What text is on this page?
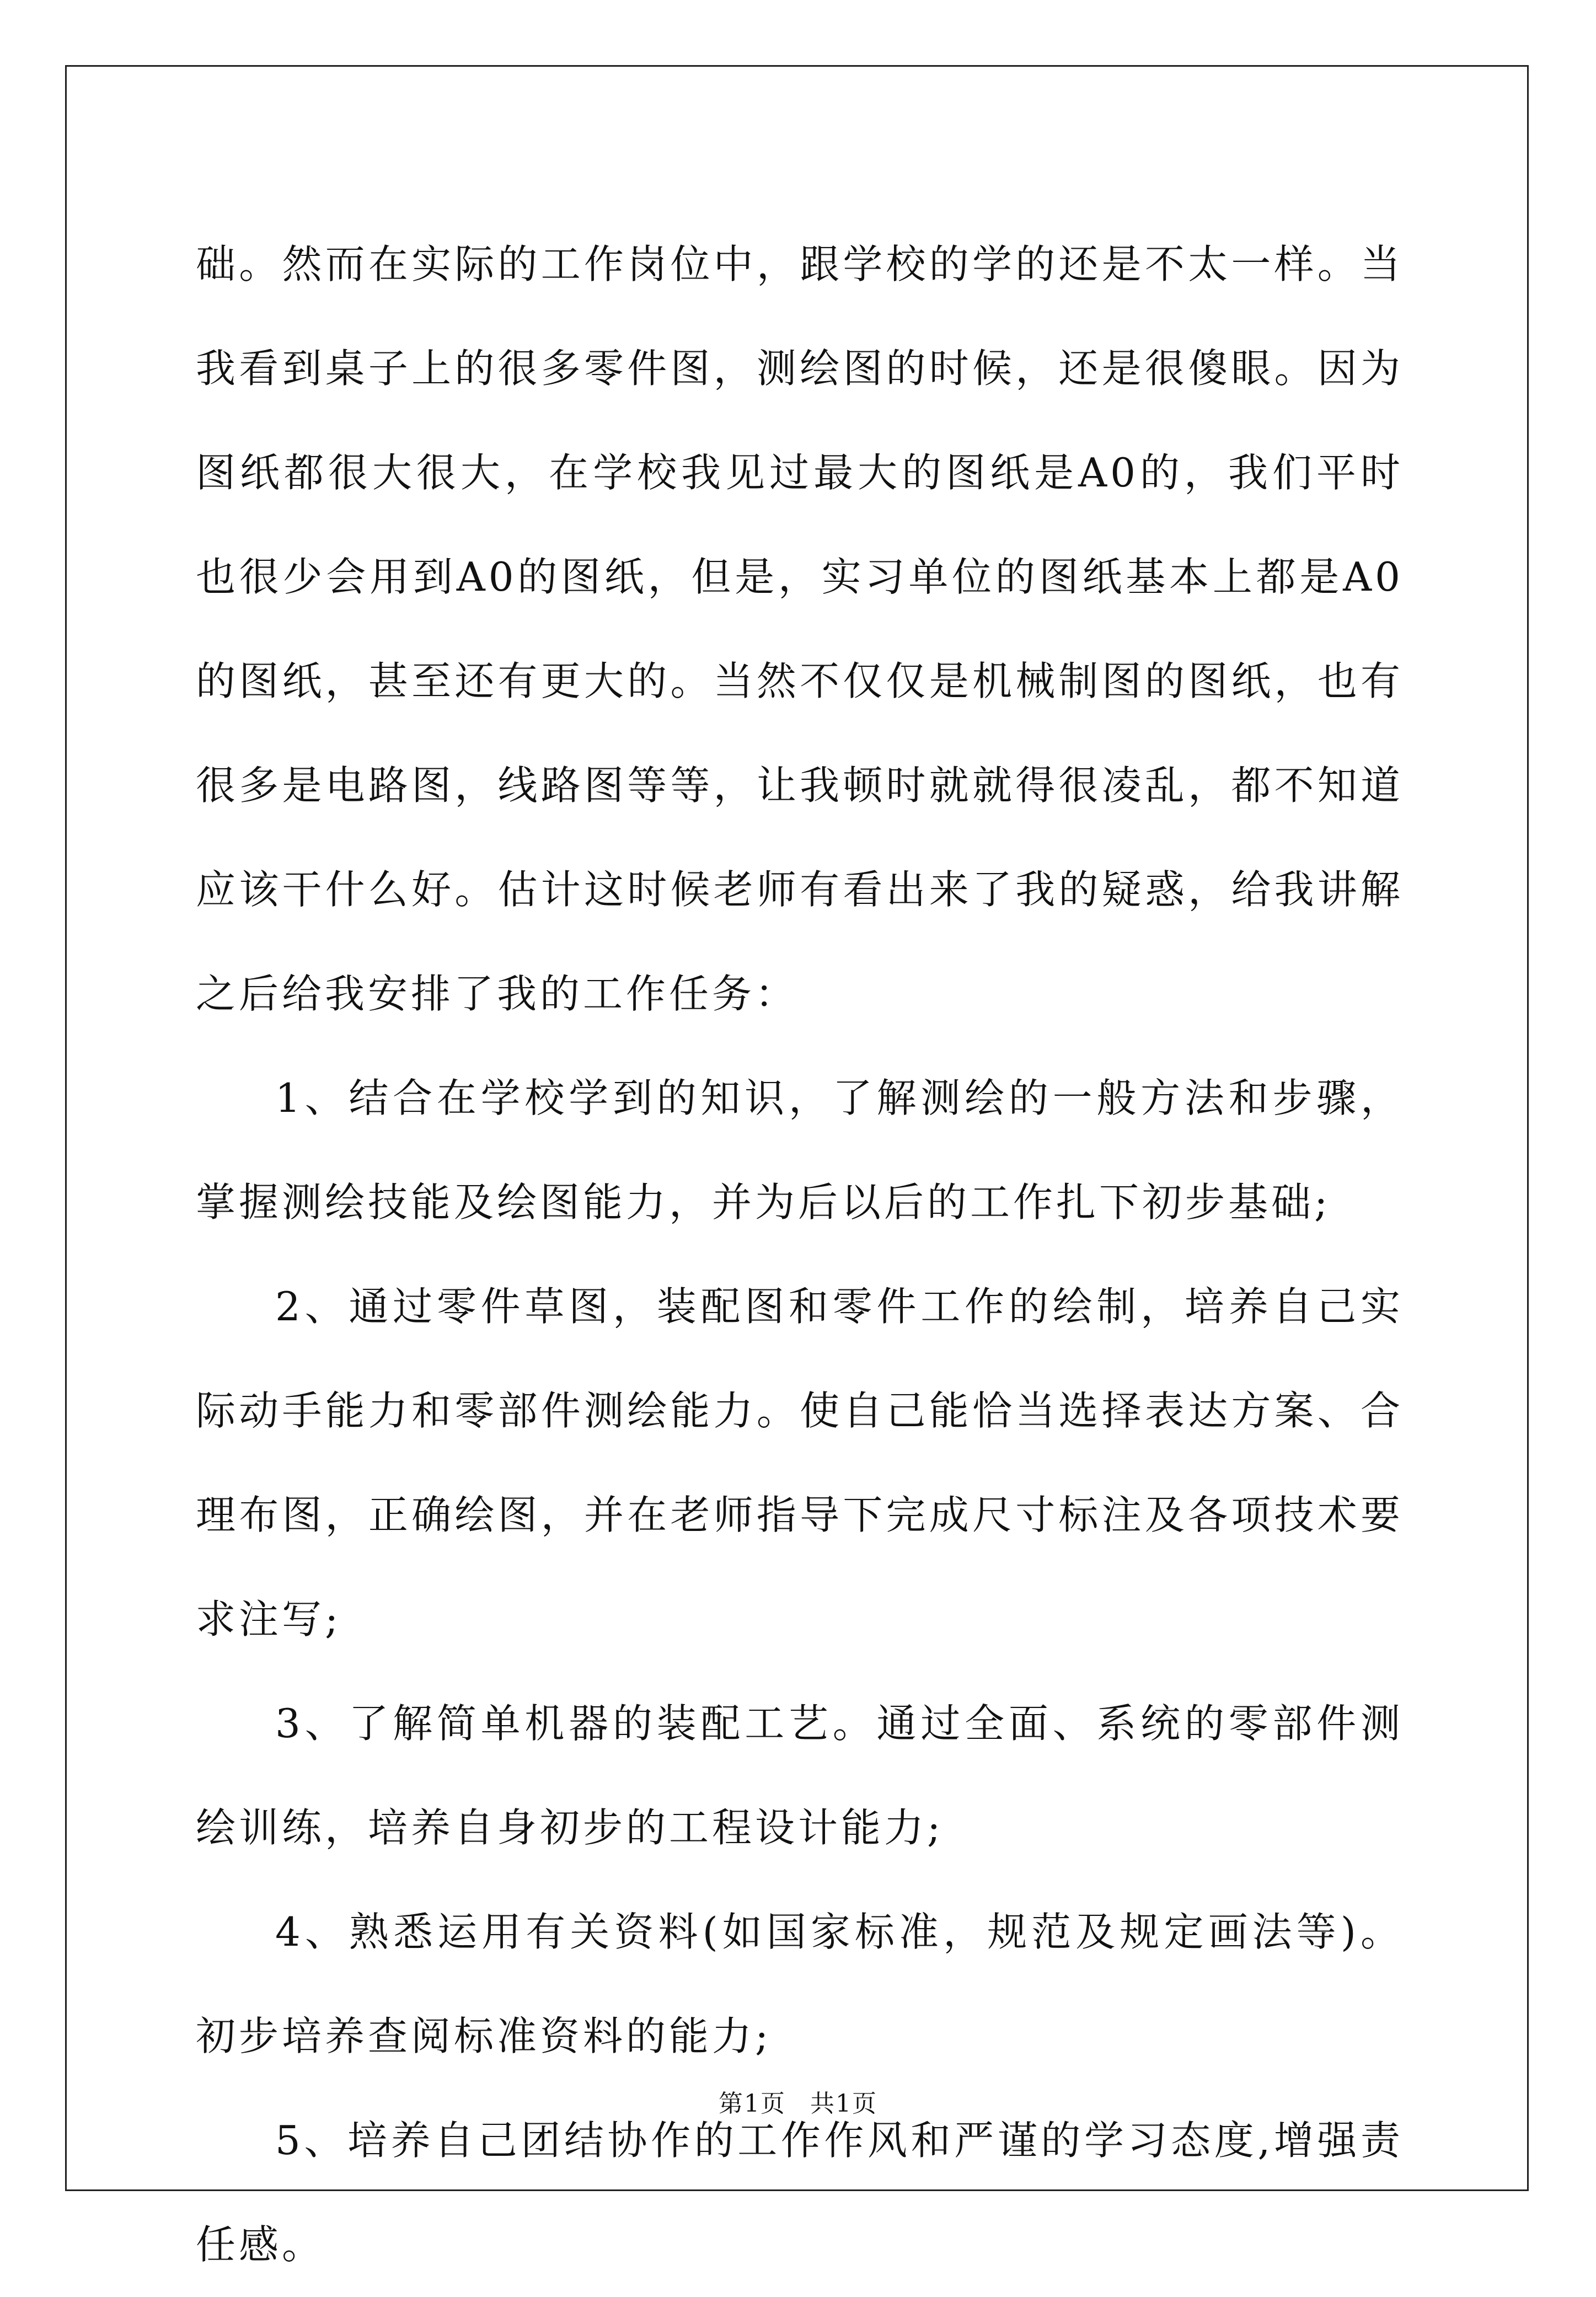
础。然而在实际的工作岗位中，跟学校的学的还是不太一样。当我看到桌子上的很多零件图，测绘图的时候，还是很傻眼。因为图纸都很大很大，在学校我见过最大的图纸是A0的，我们平时也很少会用到A0的图纸，但是，实习单位的图纸基本上都是A0的图纸，甚至还有更大的。当然不仅仅是机械制图的图纸，也有很多是电路图，线路图等等，让我顿时就就得很凌乱，都不知道应该干什么好。估计这时候老师有看出来了我的疑惑，给我讲解之后给我安排了我的工作任务：

1、结合在学校学到的知识，了解测绘的一般方法和步骤，掌握测绘技能及绘图能力，并为后以后的工作扎下初步基础;

2、通过零件草图，装配图和零件工作的绘制，培养自己实际动手能力和零部件测绘能力。使自己能恰当选择表达方案、合理布图，正确绘图，并在老师指导下完成尺寸标注及各项技术要求注写;

3、了解简单机器的装配工艺。通过全面、系统的零部件测绘训练，培养自身初步的工程设计能力;

4、熟悉运用有关资料(如国家标准，规范及规定画法等)。初步培养查阅标准资料的能力;

5、培养自己团结协作的工作作风和严谨的学习态度,增强责任感。

第1页 共1页
